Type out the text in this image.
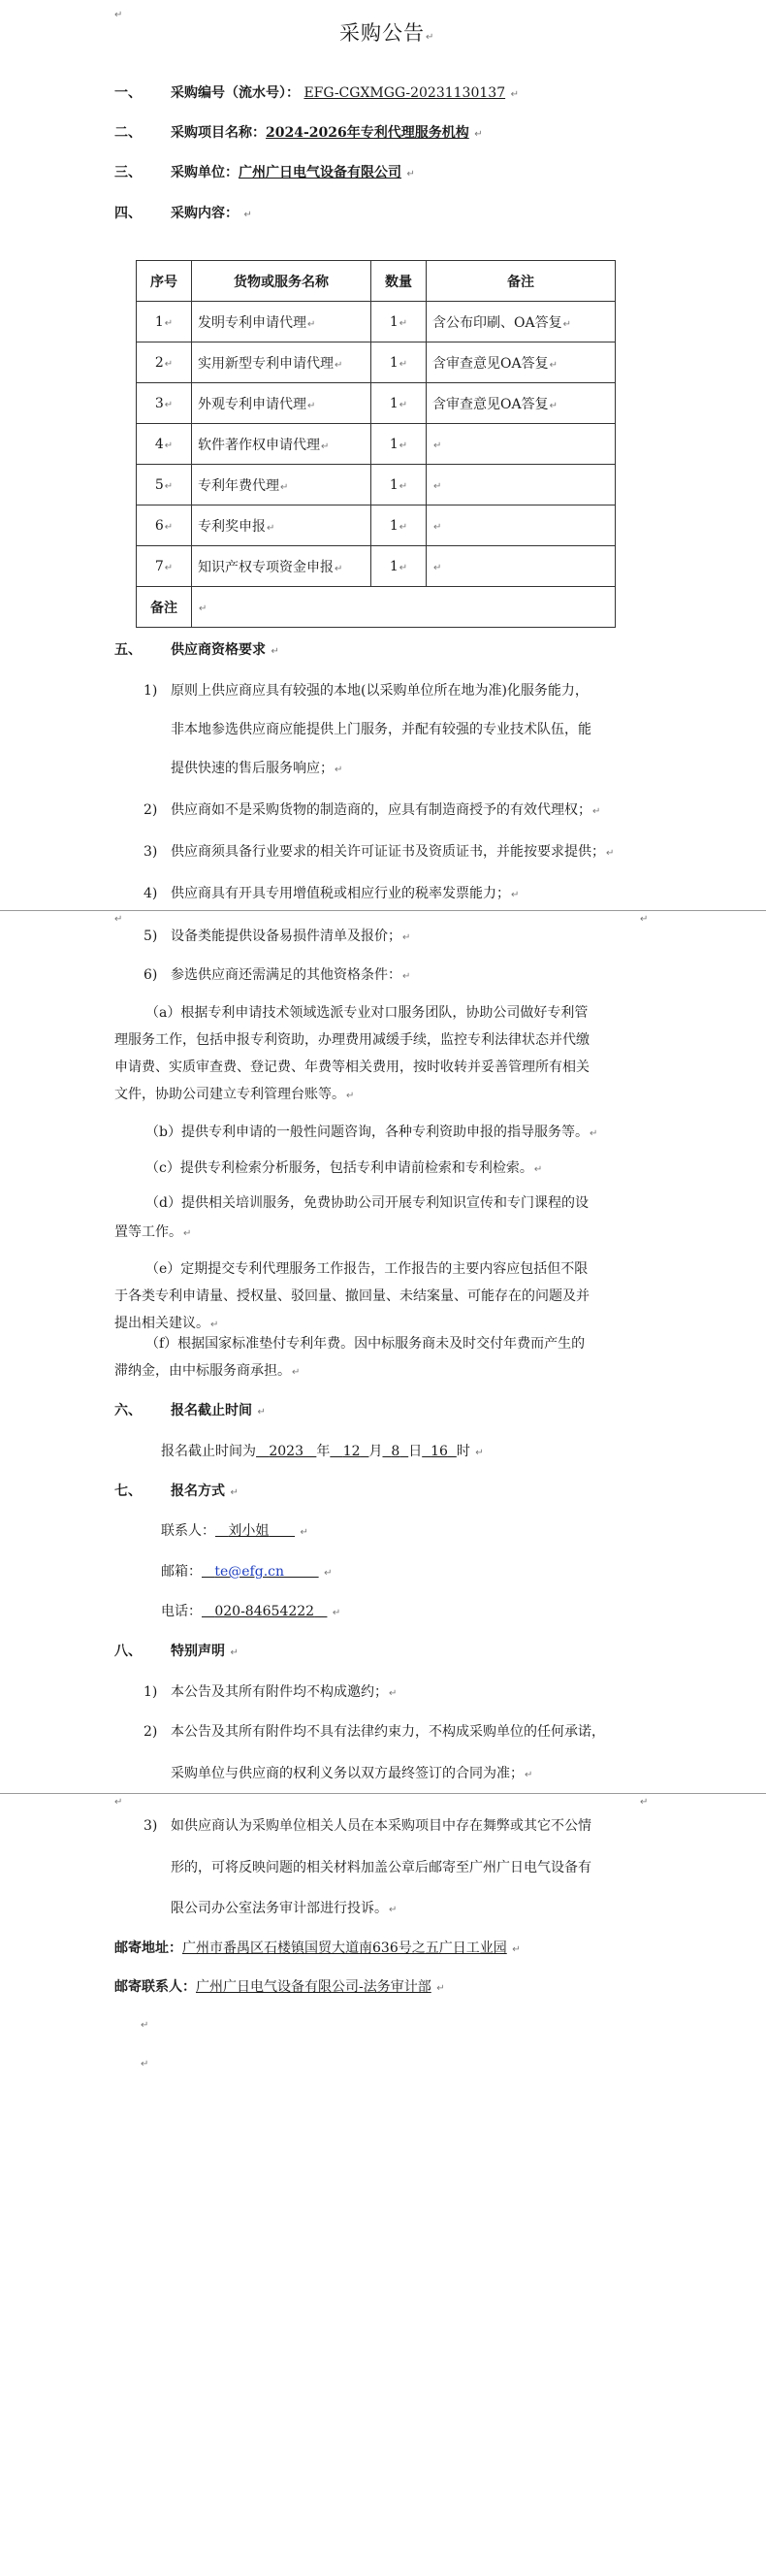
↵
采购公告 ↵
一、 采购编号（流水号）： EFG-CGXMGG-20231130137 ↵
二、 采购项目名称：2024-2026年专利代理服务机构 ↵
三、 采购单位：广州广日电气设备有限公司 ↵
四、 采购内容： ↵
序号	货物或服务名称	数量	备注
1 ↵	发明专利申请代理 ↵	1 ↵	含公布印刷、OA答复 ↵
2 ↵	实用新型专利申请代理 ↵	1 ↵	含审查意见OA答复 ↵
3 ↵	外观专利申请代理 ↵	1 ↵	含审查意见OA答复 ↵
4 ↵	软件著作权申请代理 ↵	1 ↵	↵
5 ↵	专利年费代理 ↵	1 ↵	↵
6 ↵	专利奖申报 ↵	1 ↵	↵
7 ↵	知识产权专项资金申报 ↵	1 ↵	↵
备注	↵
五、 供应商资格要求 ↵
1) 原则上供应商应具有较强的本地(以采购单位所在地为准)化服务能力，
非本地参选供应商应能提供上门服务，并配有较强的专业技术队伍，能
提供快速的售后服务响应； ↵
2) 供应商如不是采购货物的制造商的，应具有制造商授予的有效代理权； ↵
3) 供应商须具备行业要求的相关许可证证书及资质证书，并能按要求提供； ↵
4) 供应商具有开具专用增值税或相应行业的税率发票能力； ↵
↵	↵
5) 设备类能提供设备易损件清单及报价； ↵
6) 参选供应商还需满足的其他资格条件： ↵
（a）根据专利申请技术领域选派专业对口服务团队，协助公司做好专利管
理服务工作，包括申报专利资助，办理费用减缓手续，监控专利法律状态并代缴
申请费、实质审查费、登记费、年费等相关费用，按时收转并妥善管理所有相关
文件，协助公司建立专利管理台账等。 ↵
（b）提供专利申请的一般性问题咨询，各种专利资助申报的指导服务等。 ↵
（c）提供专利检索分析服务，包括专利申请前检索和专利检索。 ↵
（d）提供相关培训服务，免费协助公司开展专利知识宣传和专门课程的设
置等工作。 ↵
（e）定期提交专利代理服务工作报告，工作报告的主要内容应包括但不限
于各类专利申请量、授权量、驳回量、撤回量、未结案量、可能存在的问题及并
提出相关建议。 ↵
（f）根据国家标准垫付专利年费。因中标服务商未及时交付年费而产生的
滞纳金，由中标服务商承担。 ↵
六、 报名截止时间 ↵
报名截止时间为 2023 年 12 月 8 日 16 时 ↵
七、 报名方式 ↵
联系人： 刘小姐       ↵
邮箱： te@efg.cn         ↵
电话： 020-84654222    ↵
八、 特别声明 ↵
1) 本公告及其所有附件均不构成邀约； ↵
2) 本公告及其所有附件均不具有法律约束力，不构成采购单位的任何承诺，
采购单位与供应商的权利义务以双方最终签订的合同为准； ↵
↵	↵
3) 如供应商认为采购单位相关人员在本采购项目中存在舞弊或其它不公情
形的，可将反映问题的相关材料加盖公章后邮寄至广州广日电气设备有
限公司办公室法务审计部进行投诉。 ↵
邮寄地址：广州市番禺区石楼镇国贸大道南636号之五广日工业园 ↵
邮寄联系人：广州广日电气设备有限公司-法务审计部 ↵
↵
↵
